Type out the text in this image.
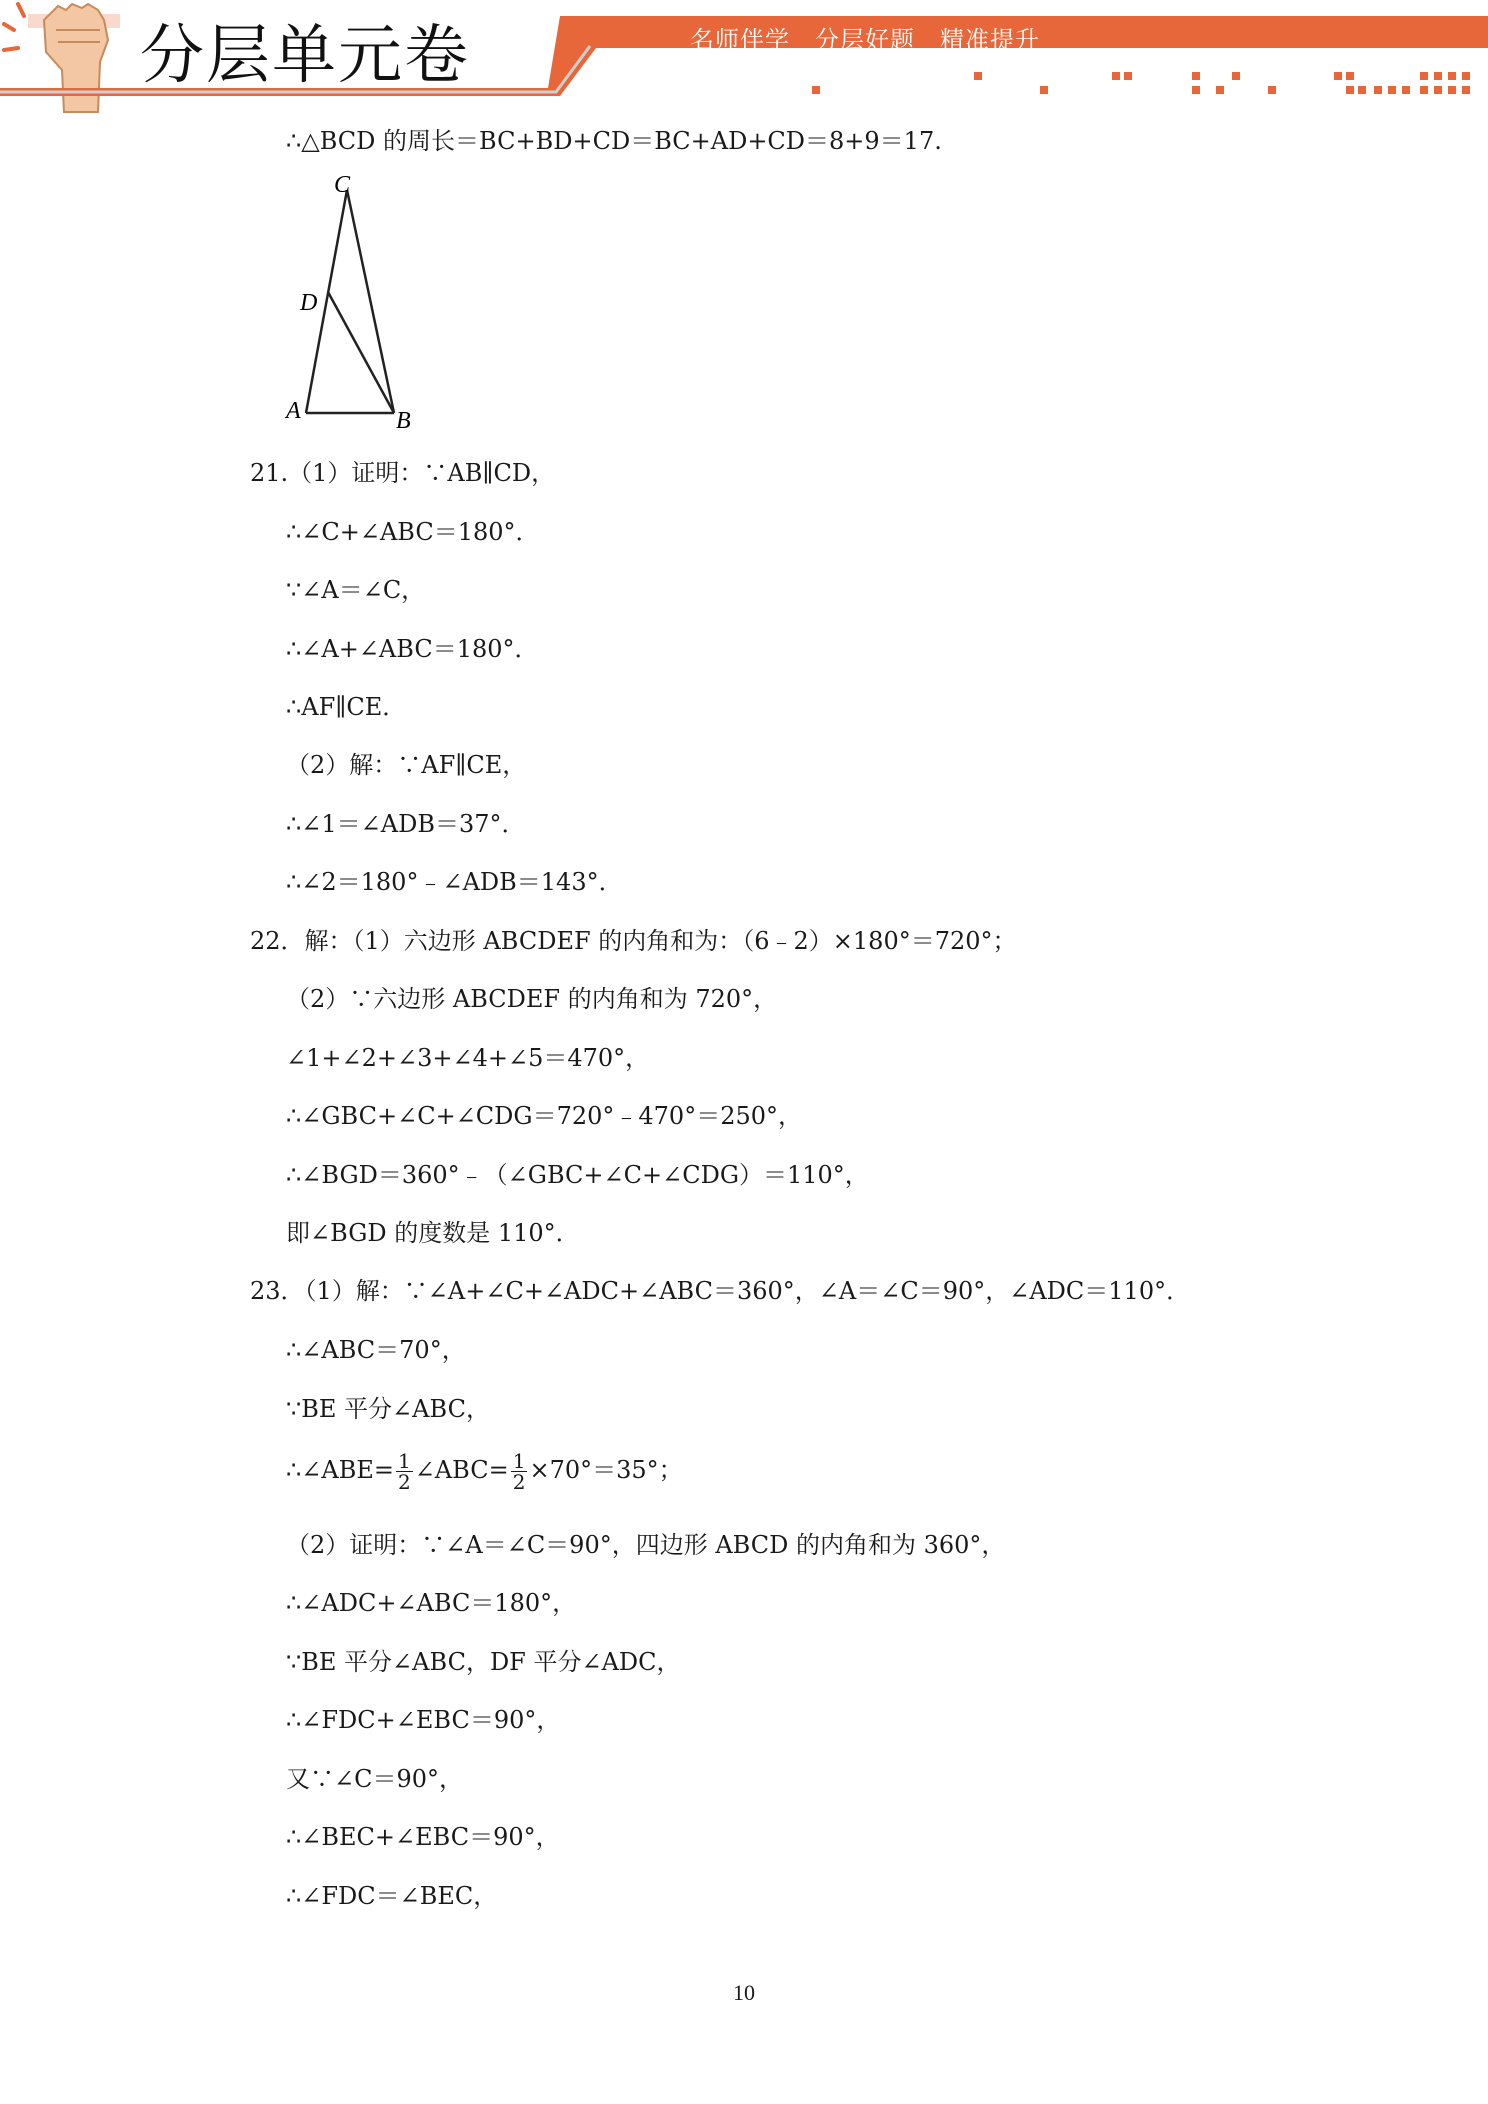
分层单元卷	名师伴学　分层好题　精准提升
∴△BCD 的周长＝BC+BD+CD＝BC+AD+CD＝8+9＝17.
C
D
A	B
21.（1）证明：∵AB∥CD，
∴∠C+∠ABC＝180°．
∵∠A＝∠C，
∴∠A+∠ABC＝180°．
∴AF∥CE．
（2）解：∵AF∥CE，
∴∠1＝∠ADB＝37°．
∴∠2＝180°﹣∠ADB＝143°．
22．解：（1）六边形 ABCDEF 的内角和为：（6﹣2）×180°＝720°；
（2）∵六边形 ABCDEF 的内角和为 720°，
∠1+∠2+∠3+∠4+∠5＝470°，
∴∠GBC+∠C+∠CDG＝720°﹣470°＝250°，
∴∠BGD＝360°﹣（∠GBC+∠C+∠CDG）＝110°，
即∠BGD 的度数是 110°．
23．（1）解：∵∠A+∠C+∠ADC+∠ABC＝360°，∠A＝∠C＝90°，∠ADC＝110°．
∴∠ABC＝70°，
∵BE 平分∠ABC，
∴∠ABE= $\frac{1}{2}$ ∠ABC= $\frac{1}{2} \times 70^\circ=35^\circ$；
（2）证明：∵∠A＝∠C＝90°，四边形 ABCD 的内角和为 360°，
∴∠ADC+∠ABC＝180°，
∵BE 平分∠ABC，DF 平分∠ADC，
∴∠FDC+∠EBC＝90°，
又∵∠C＝90°，
∴∠BEC+∠EBC＝90°，
∴∠FDC＝∠BEC，
10
